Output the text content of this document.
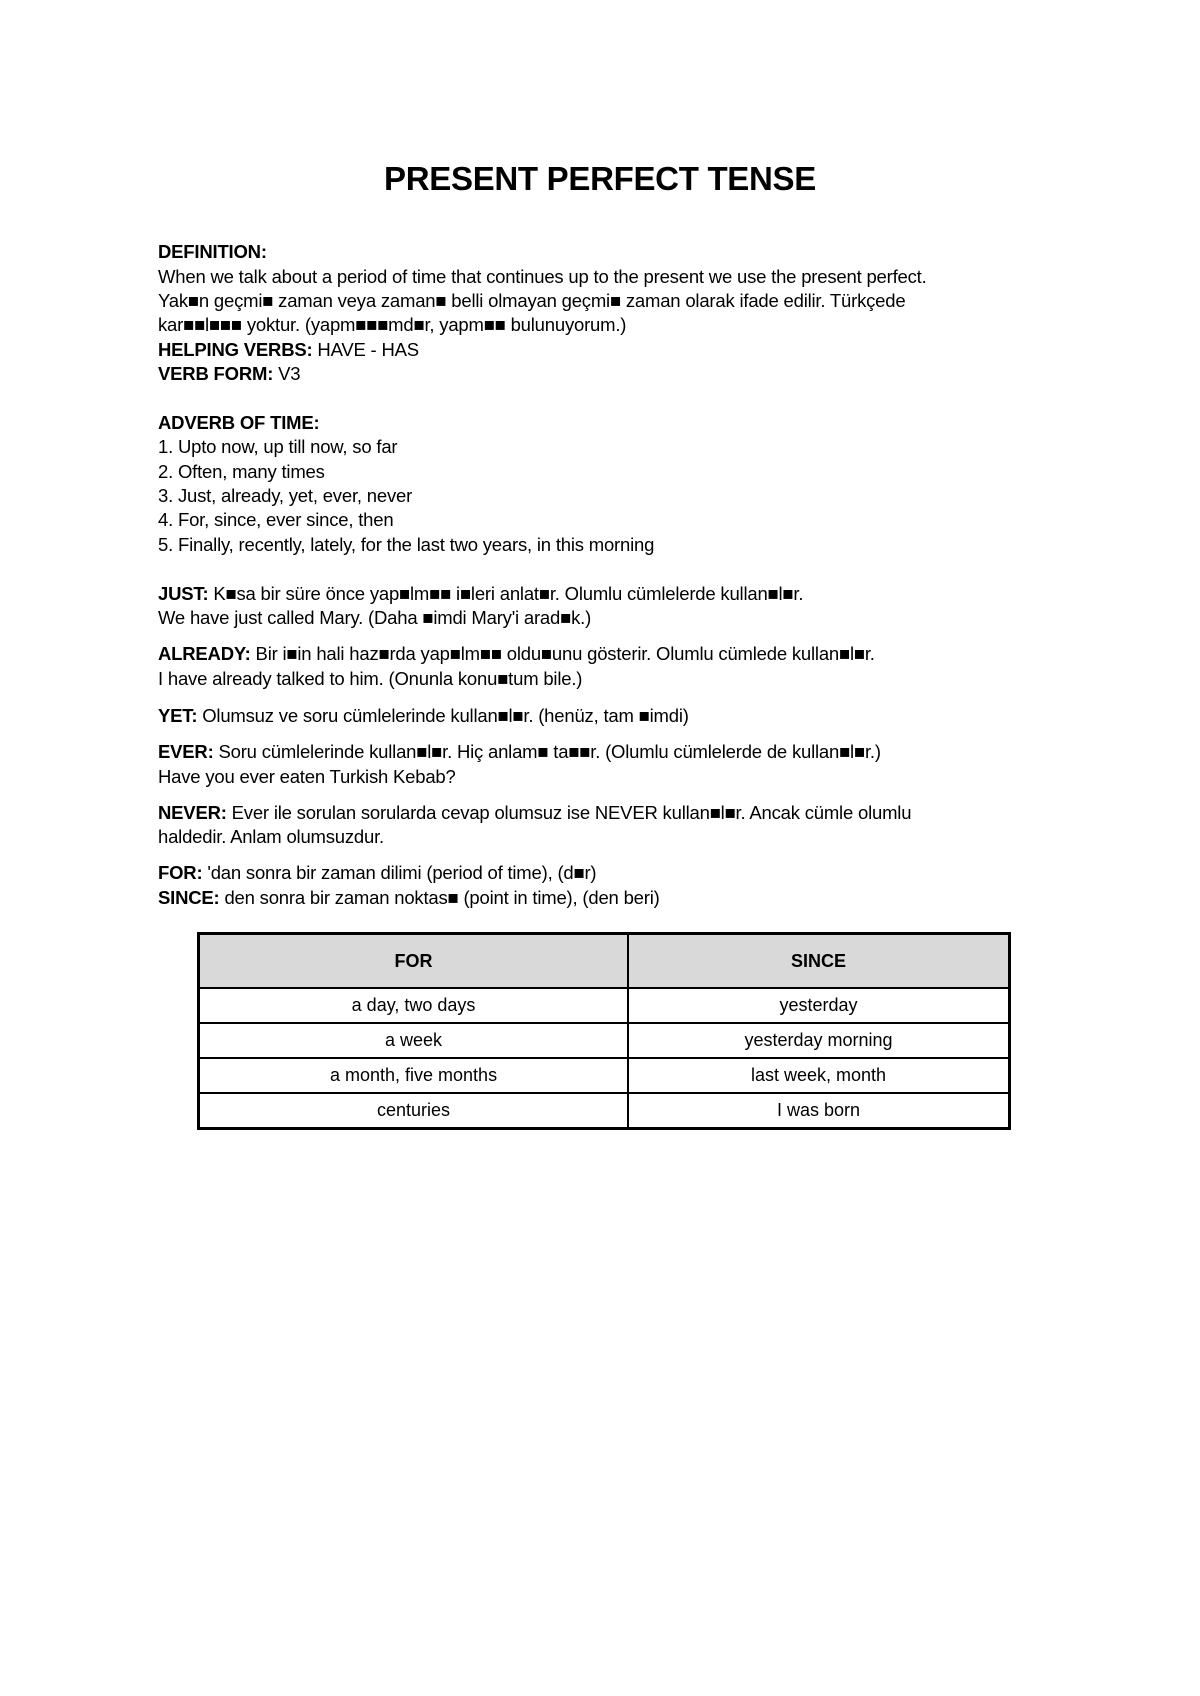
PRESENT PERFECT TENSE
DEFINITION:
When we talk about a period of time that continues up to the present we use the present perfect.
Yak■n geçmi■ zaman veya zaman■ belli olmayan geçmi■ zaman olarak ifade edilir. Türkçede
kar■■l■■■ yoktur. (yapm■■■md■r, yapm■■ bulunuyorum.)
HELPING VERBS: HAVE - HAS
VERB FORM: V3
ADVERB OF TIME:
1. Upto now, up till now, so far
2. Often, many times
3. Just, already, yet, ever, never
4. For, since, ever since, then
5. Finally, recently, lately, for the last two years, in this morning
JUST: K■sa bir süre önce yap■lm■■ i■leri anlat■r. Olumlu cümlelerde kullan■l■r.
We have just called Mary. (Daha ■imdi Mary'i arad■k.)
ALREADY: Bir i■in hali haz■rda yap■lm■■ oldu■unu gösterir. Olumlu cümlede kullan■l■r.
I have already talked to him. (Onunla konu■tum bile.)
YET: Olumsuz ve soru cümlelerinde kullan■l■r. (henüz, tam ■imdi)
EVER: Soru cümlelerinde kullan■l■r. Hiç anlam■ ta■■r. (Olumlu cümlelerde de kullan■l■r.)
Have you ever eaten Turkish Kebab?
NEVER: Ever ile sorulan sorularda cevap olumsuz ise NEVER kullan■l■r. Ancak cümle olumlu
haldedir. Anlam olumsuzdur.
FOR: 'dan sonra bir zaman dilimi (period of time), (d■r)
SINCE: den sonra bir zaman noktas■ (point in time), (den beri)
FOR	SINCE
a day, two days	yesterday
a week	yesterday morning
a month, five months	last week, month
centuries	I was born
